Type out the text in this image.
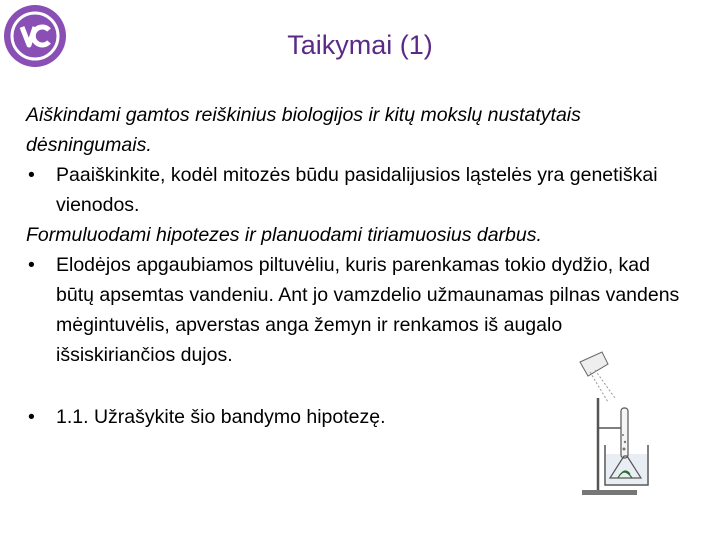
Taikymai (1)

Aiškindami gamtos reiškinius biologijos ir kitų mokslų nustatytais dėsningumais.

• Paaiškinkite, kodėl mitozės būdu pasidalijusios ląstelės yra genetiškai vienodos.

Formuluodami hipotezes ir planuodami tiriamuosius darbus.

• Elodėjos apgaubiamos piltuvėliu, kuris parenkamas tokio dydžio, kad būtų apsemtas vandeniu. Ant jo vamzdelio užmaunamas pilnas vandens mėgintuvėlis, apverstas anga žemyn ir renkamos iš augalo išsiskiriančios dujos.
• 1.1. Užrašykite šio bandymo hipotezę.
